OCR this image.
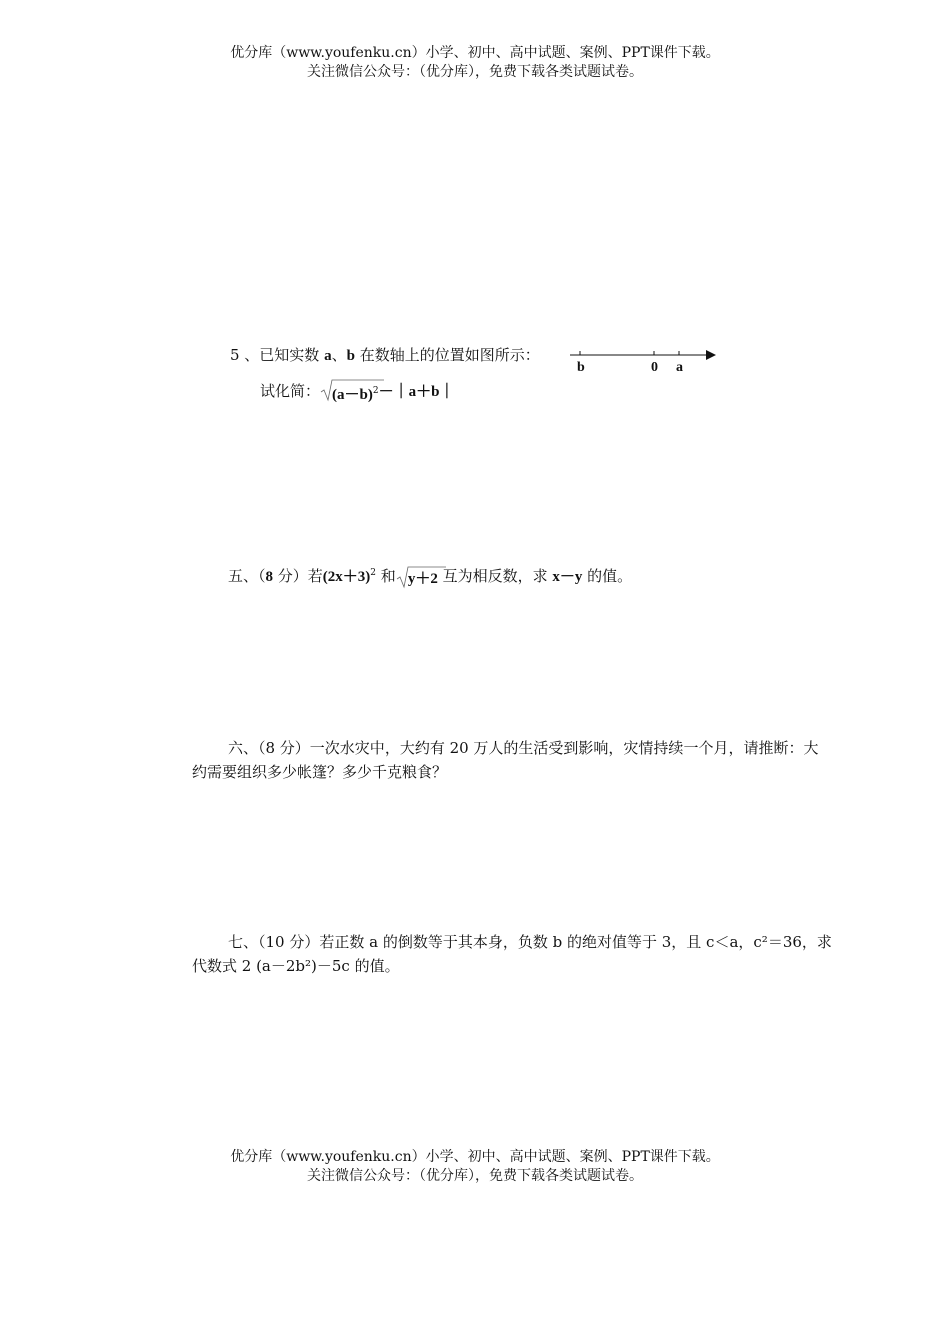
优分库（www.youfenku.cn）小学、初中、高中试题、案例、PPT课件下载。
关注微信公众号：（优分库），免费下载各类试题试卷。
5 、已知实数 a、b 在数轴上的位置如图所示：
b	0 a
试化简： $(a-b)^2-|a+b|$
五、（8 分）若$(2x+3)^2$ 和 y＋2 互为相反数，求 x－y 的值。
六、（8 分）一次水灾中，大约有 20 万人的生活受到影响，灾情持续一个月，请推断：大约需要组织多少帐篷？多少千克粮食？
七、（10 分）若正数 a 的倒数等于其本身，负数 b 的绝对值等于 3，且 c＜a，c²＝36，求代数式 2 (a－2b²)－5c 的值。
优分库（www.youfenku.cn）小学、初中、高中试题、案例、PPT课件下载。
关注微信公众号：（优分库），免费下载各类试题试卷。
